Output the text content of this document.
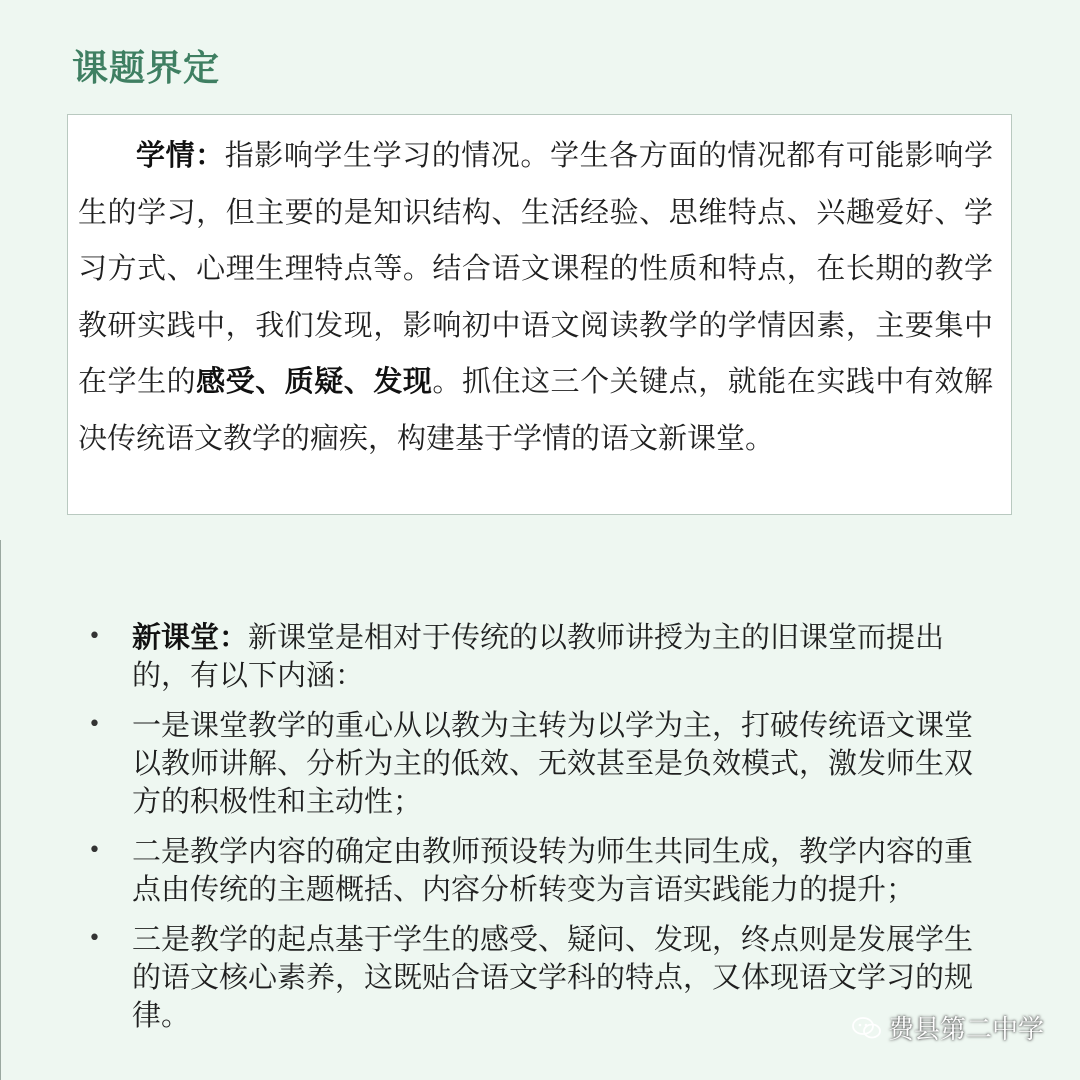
课题界定
学情：指影响学生学习的情况。学生各方面的情况都有可能影响学生的学习，但主要的是知识结构、生活经验、思维特点、兴趣爱好、学习方式、心理生理特点等。结合语文课程的性质和特点，在长期的教学教研实践中，我们发现，影响初中语文阅读教学的学情因素，主要集中在学生的感受、质疑、发现。抓住这三个关键点，就能在实践中有效解决传统语文教学的痼疾，构建基于学情的语文新课堂。
• 新课堂：新课堂是相对于传统的以教师讲授为主的旧课堂而提出的，有以下内涵：
• 一是课堂教学的重心从以教为主转为以学为主，打破传统语文课堂以教师讲解、分析为主的低效、无效甚至是负效模式，激发师生双方的积极性和主动性；
• 二是教学内容的确定由教师预设转为师生共同生成，教学内容的重点由传统的主题概括、内容分析转变为言语实践能力的提升；
• 三是教学的起点基于学生的感受、疑问、发现，终点则是发展学生的语文核心素养，这既贴合语文学科的特点，又体现语文学习的规律。	费县第二中学
